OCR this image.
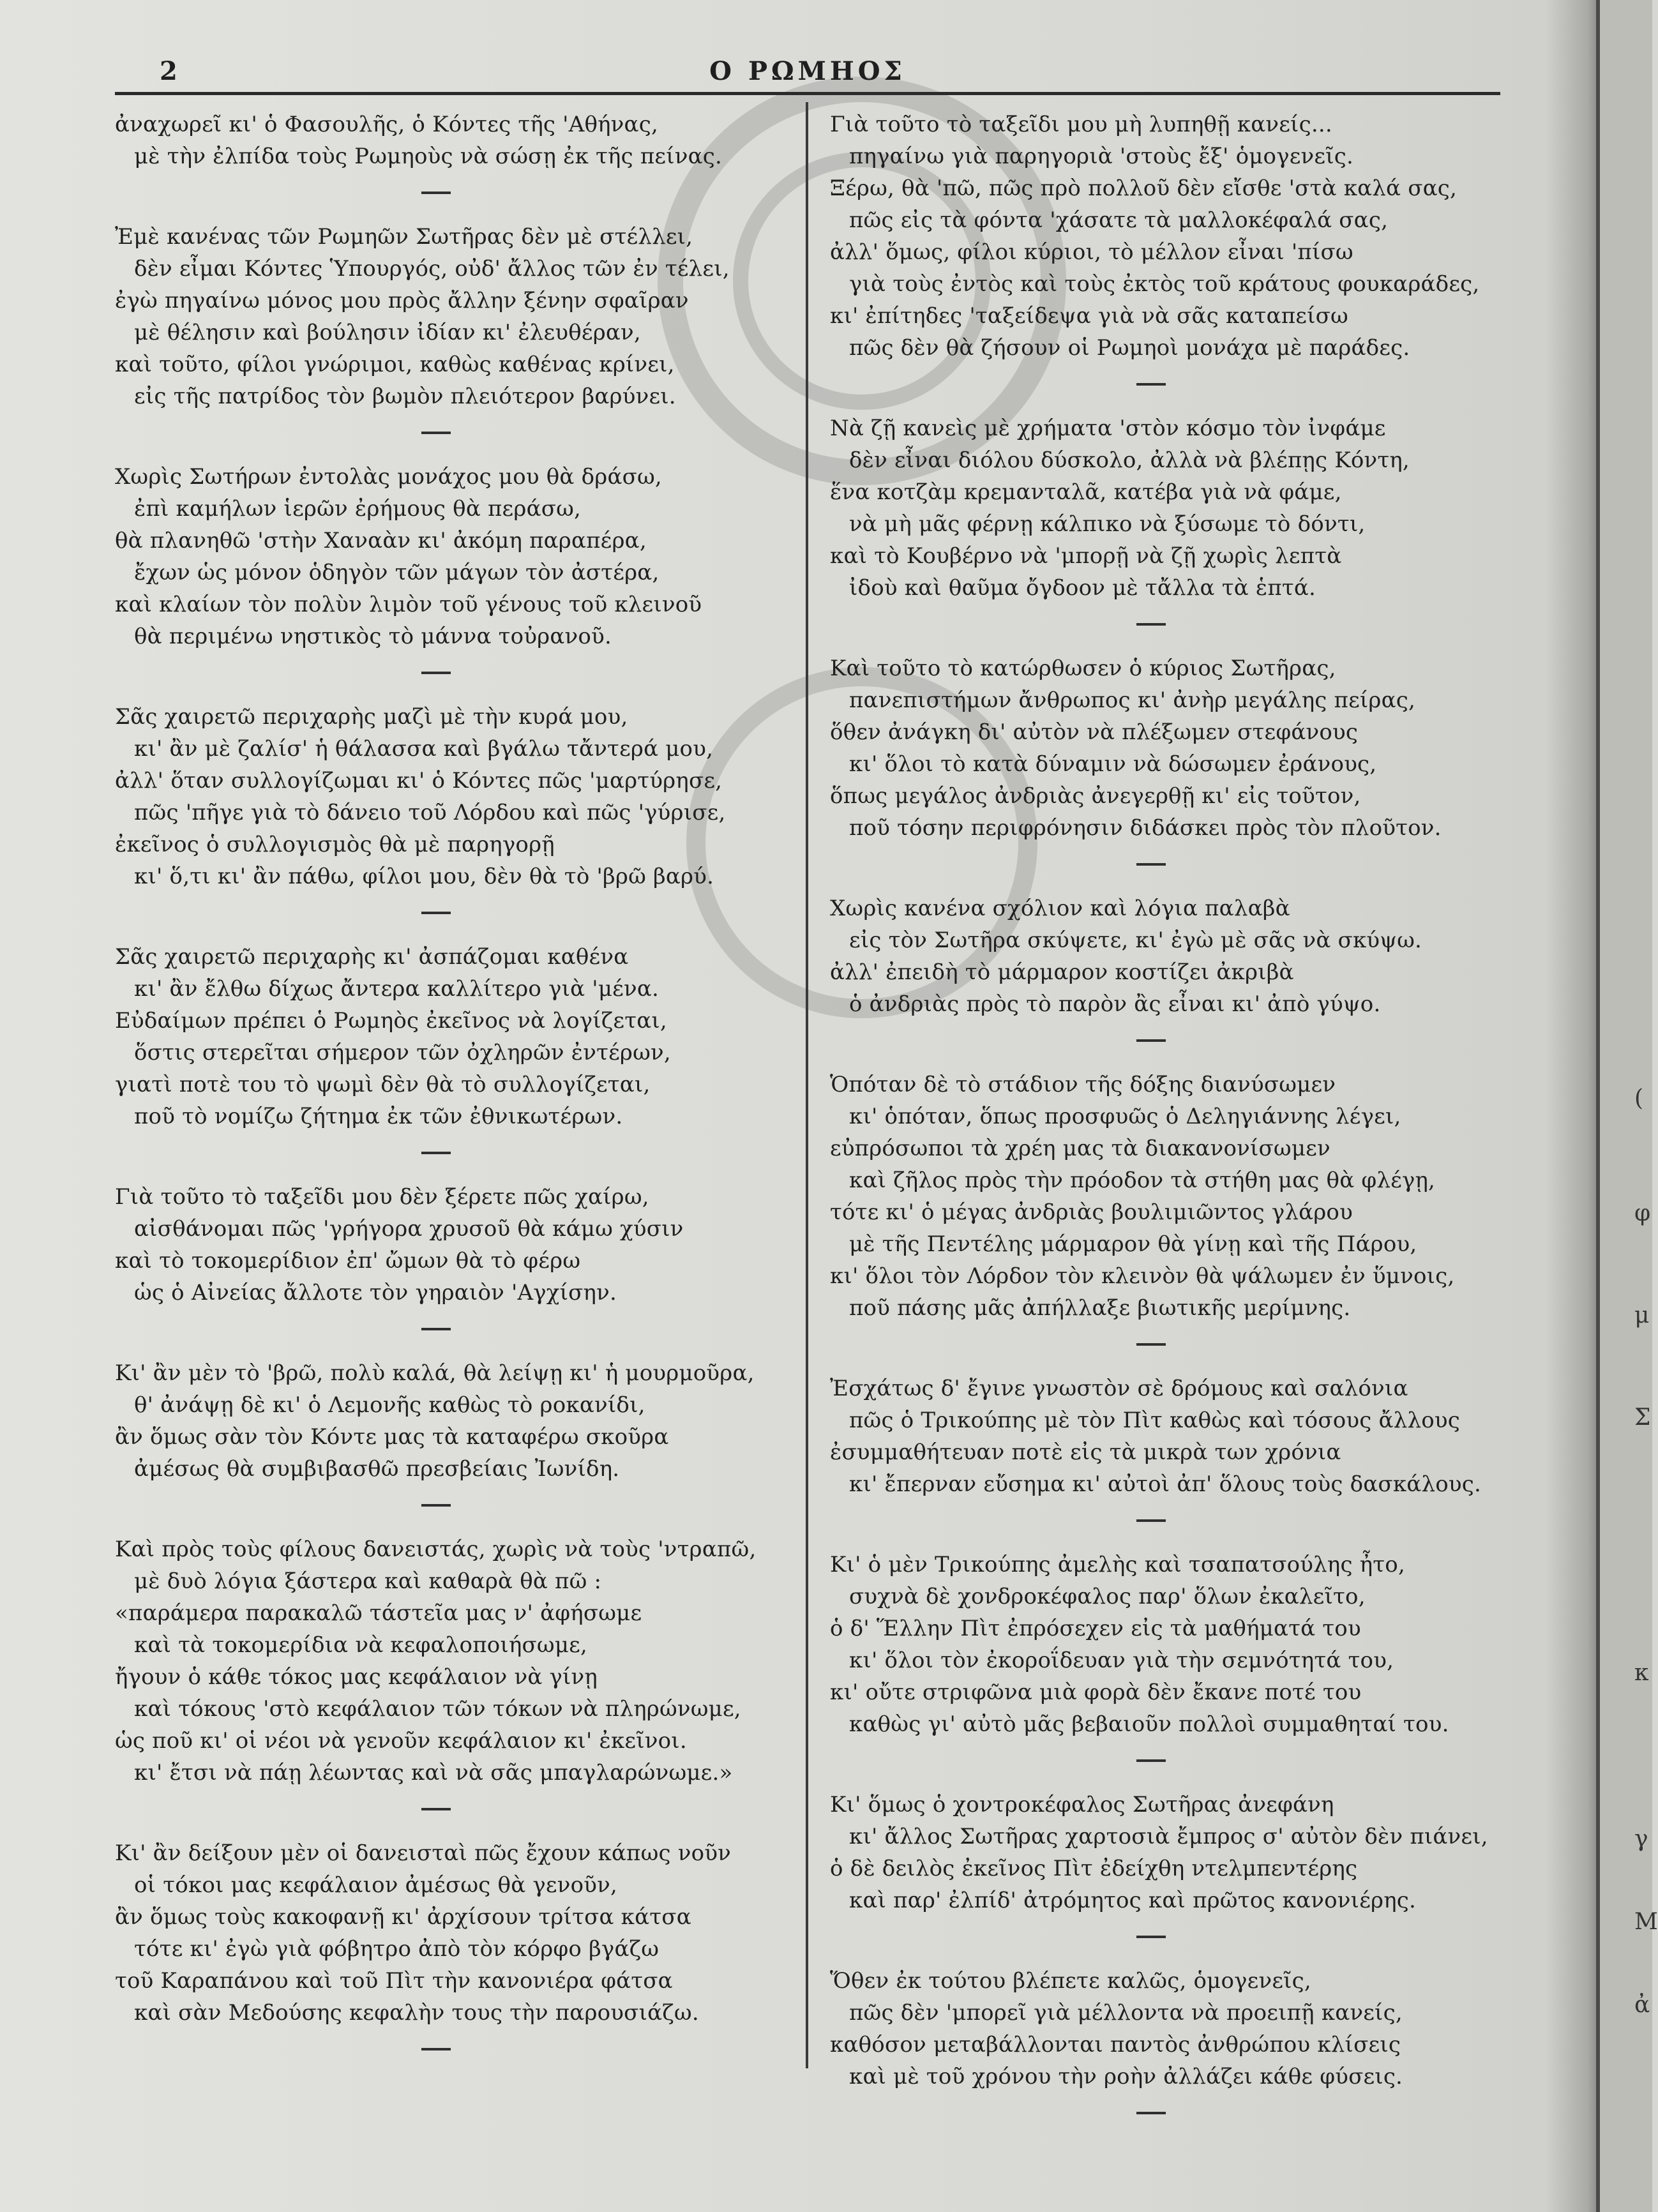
2	Ο ΡΩΜΗΟΣ
ἀναχωρεῖ κι' ὁ Φασουλῆς, ὁ Κόντες τῆς 'Αθήνας,
μὲ τὴν ἐλπίδα τοὺς Ρωμηοὺς νὰ σώσῃ ἐκ τῆς πείνας.
Ἐμὲ κανένας τῶν Ρωμηῶν Σωτῆρας δὲν μὲ στέλλει,
δὲν εἶμαι Κόντες Ὑπουργός, οὐδ' ἄλλος τῶν ἐν τέλει,
ἐγὼ πηγαίνω μόνος μου πρὸς ἄλλην ξένην σφαῖραν
μὲ θέλησιν καὶ βούλησιν ἰδίαν κι' ἐλευθέραν,
καὶ τοῦτο, φίλοι γνώριμοι, καθὼς καθένας κρίνει,
εἰς τῆς πατρίδος τὸν βωμὸν πλειότερον βαρύνει.
Χωρὶς Σωτήρων ἐντολὰς μονάχος μου θὰ δράσω,
ἐπὶ καμήλων ἱερῶν ἐρήμους θὰ περάσω,
θὰ πλανηθῶ 'στὴν Χαναὰν κι' ἀκόμη παραπέρα,
ἔχων ὡς μόνον ὁδηγὸν τῶν μάγων τὸν ἀστέρα,
καὶ κλαίων τὸν πολὺν λιμὸν τοῦ γένους τοῦ κλεινοῦ
θὰ περιμένω νηστικὸς τὸ μάννα τοὐρανοῦ.
Σᾶς χαιρετῶ περιχαρὴς μαζὶ μὲ τὴν κυρά μου,
κι' ἂν μὲ ζαλίσ' ἡ θάλασσα καὶ βγάλω τἄντερά μου,
ἀλλ' ὅταν συλλογίζωμαι κι' ὁ Κόντες πῶς 'μαρτύρησε,
πῶς 'πῆγε γιὰ τὸ δάνειο τοῦ Λόρδου καὶ πῶς 'γύρισε,
ἐκεῖνος ὁ συλλογισμὸς θὰ μὲ παρηγορῇ
κι' ὅ,τι κι' ἂν πάθω, φίλοι μου, δὲν θὰ τὸ 'βρῶ βαρύ.
Σᾶς χαιρετῶ περιχαρὴς κι' ἀσπάζομαι καθένα
κι' ἂν ἔλθω δίχως ἄντερα καλλίτερο γιὰ 'μένα.
Εὐδαίμων πρέπει ὁ Ρωμηὸς ἐκεῖνος νὰ λογίζεται,
ὅστις στερεῖται σήμερον τῶν ὀχληρῶν ἐντέρων,
γιατὶ ποτὲ του τὸ ψωμὶ δὲν θὰ τὸ συλλογίζεται,
ποῦ τὸ νομίζω ζήτημα ἐκ τῶν ἐθνικωτέρων.
Γιὰ τοῦτο τὸ ταξεῖδι μου δὲν ξέρετε πῶς χαίρω,
αἰσθάνομαι πῶς 'γρήγορα χρυσοῦ θὰ κάμω χύσιν
καὶ τὸ τοκομερίδιον ἐπ' ὤμων θὰ τὸ φέρω
ὡς ὁ Αἰνείας ἄλλοτε τὸν γηραιὸν 'Αγχίσην.
Κι' ἂν μὲν τὸ 'βρῶ, πολὺ καλά, θὰ λείψῃ κι' ἡ μουρμοῦρα,
θ' ἀνάψῃ δὲ κι' ὁ Λεμονῆς καθὼς τὸ ροκανίδι,
ἂν ὅμως σὰν τὸν Κόντε μας τὰ καταφέρω σκοῦρα
ἀμέσως θὰ συμβιβασθῶ πρεσβείαις Ἰωνίδη.
Καὶ πρὸς τοὺς φίλους δανειστάς, χωρὶς νὰ τοὺς 'ντραπῶ,
μὲ δυὸ λόγια ξάστερα καὶ καθαρὰ θὰ πῶ :
«παράμερα παρακαλῶ τάστεῖα μας ν' ἀφήσωμε
καὶ τὰ τοκομερίδια νὰ κεφαλοποιήσωμε,
ἤγουν ὁ κάθε τόκος μας κεφάλαιον νὰ γίνῃ
καὶ τόκους 'στὸ κεφάλαιον τῶν τόκων νὰ πληρώνωμε,
ὡς ποῦ κι' οἱ νέοι νὰ γενοῦν κεφάλαιον κι' ἐκεῖνοι.
κι' ἔτσι νὰ πάῃ λέωντας καὶ νὰ σᾶς μπαγλαρώνωμε.»
Κι' ἂν δείξουν μὲν οἱ δανεισταὶ πῶς ἔχουν κάπως νοῦν
οἱ τόκοι μας κεφάλαιον ἀμέσως θὰ γενοῦν,
ἂν ὅμως τοὺς κακοφανῇ κι' ἀρχίσουν τρίτσα κάτσα
τότε κι' ἐγὼ γιὰ φόβητρο ἀπὸ τὸν κόρφο βγάζω
τοῦ Καραπάνου καὶ τοῦ Πὶτ τὴν κανονιέρα φάτσα
καὶ σὰν Μεδούσης κεφαλὴν τους τὴν παρουσιάζω.
Γιὰ τοῦτο τὸ ταξεῖδι μου μὴ λυπηθῇ κανείς...
πηγαίνω γιὰ παρηγοριὰ 'στοὺς ἔξ' ὁμογενεῖς.
Ξέρω, θὰ 'πῶ, πῶς πρὸ πολλοῦ δὲν εἴσθε 'στὰ καλά σας,
πῶς εἰς τὰ φόντα 'χάσατε τὰ μαλλοκέφαλά σας,
ἀλλ' ὅμως, φίλοι κύριοι, τὸ μέλλον εἶναι 'πίσω
γιὰ τοὺς ἐντὸς καὶ τοὺς ἐκτὸς τοῦ κράτους φουκαράδες,
κι' ἐπίτηδες 'ταξείδεψα γιὰ νὰ σᾶς καταπείσω
πῶς δὲν θὰ ζήσουν οἱ Ρωμηοὶ μονάχα μὲ παράδες.
Νὰ ζῇ κανεὶς μὲ χρήματα 'στὸν κόσμο τὸν ἰνφάμε
δὲν εἶναι διόλου δύσκολο, ἀλλὰ νὰ βλέπῃς Κόντη,
ἕνα κοτζὰμ κρεμανταλᾶ, κατέβα γιὰ νὰ φάμε,
νὰ μὴ μᾶς φέρνῃ κάλπικο νὰ ξύσωμε τὸ δόντι,
καὶ τὸ Κουβέρνο νὰ 'μπορῇ νὰ ζῇ χωρὶς λεπτὰ
ἰδοὺ καὶ θαῦμα ὄγδοον μὲ τἄλλα τὰ ἑπτά.
Καὶ τοῦτο τὸ κατώρθωσεν ὁ κύριος Σωτῆρας,
πανεπιστήμων ἄνθρωπος κι' ἀνὴρ μεγάλης πείρας,
ὅθεν ἀνάγκη δι' αὐτὸν νὰ πλέξωμεν στεφάνους
κι' ὅλοι τὸ κατὰ δύναμιν νὰ δώσωμεν ἐράνους,
ὅπως μεγάλος ἀνδριὰς ἀνεγερθῇ κι' εἰς τοῦτον,
ποῦ τόσην περιφρόνησιν διδάσκει πρὸς τὸν πλοῦτον.
Χωρὶς κανένα σχόλιον καὶ λόγια παλαβὰ
εἰς τὸν Σωτῆρα σκύψετε, κι' ἐγὼ μὲ σᾶς νὰ σκύψω.
ἀλλ' ἐπειδὴ τὸ μάρμαρον κοστίζει ἀκριβὰ
ὁ ἀνδριὰς πρὸς τὸ παρὸν ἂς εἶναι κι' ἀπὸ γύψο.
Ὁπόταν δὲ τὸ στάδιον τῆς δόξης διανύσωμεν
κι' ὁπόταν, ὅπως προσφυῶς ὁ Δεληγιάννης λέγει,
εὐπρόσωποι τὰ χρέη μας τὰ διακανονίσωμεν
καὶ ζῆλος πρὸς τὴν πρόοδον τὰ στήθη μας θὰ φλέγῃ,
τότε κι' ὁ μέγας ἀνδριὰς βουλιμιῶντος γλάρου
μὲ τῆς Πεντέλης μάρμαρον θὰ γίνῃ καὶ τῆς Πάρου,
κι' ὅλοι τὸν Λόρδον τὸν κλεινὸν θὰ ψάλωμεν ἐν ὕμνοις,
ποῦ πάσης μᾶς ἀπήλλαξε βιωτικῆς μερίμνης.
Ἐσχάτως δ' ἔγινε γνωστὸν σὲ δρόμους καὶ σαλόνια
πῶς ὁ Τρικούπης μὲ τὸν Πὶτ καθὼς καὶ τόσους ἄλλους
ἐσυμμαθήτευαν ποτὲ εἰς τὰ μικρὰ των χρόνια
κι' ἔπερναν εὔσημα κι' αὐτοὶ ἀπ' ὅλους τοὺς δασκάλους.
Κι' ὁ μὲν Τρικούπης ἀμελὴς καὶ τσαπατσούλης ἦτο,
συχνὰ δὲ χονδροκέφαλος παρ' ὅλων ἐκαλεῖτο,
ὁ δ' Ἕλλην Πὶτ ἐπρόσεχεν εἰς τὰ μαθήματά του
κι' ὅλοι τὸν ἐκοροΐδευαν γιὰ τὴν σεμνότητά του,
κι' οὔτε στριφῶνα μιὰ φορὰ δὲν ἔκανε ποτέ του
καθὼς γι' αὐτὸ μᾶς βεβαιοῦν πολλοὶ συμμαθηταί του.
Κι' ὅμως ὁ χοντροκέφαλος Σωτῆρας ἀνεφάνη
κι' ἄλλος Σωτῆρας χαρτοσιὰ ἔμπρος σ' αὐτὸν δὲν πιάνει,
ὁ δὲ δειλὸς ἐκεῖνος Πὶτ ἐδείχθη ντελμπεντέρης
καὶ παρ' ἐλπίδ' ἀτρόμητος καὶ πρῶτος κανονιέρης.
Ὅθεν ἐκ τούτου βλέπετε καλῶς, ὁμογενεῖς,
πῶς δὲν 'μπορεῖ γιὰ μέλλοντα νὰ προειπῇ κανείς,
καθόσον μεταβάλλονται παντὸς ἀνθρώπου κλίσεις
καὶ μὲ τοῦ χρόνου τὴν ροὴν ἀλλάζει κάθε φύσεις.
(
φ
μ
Σ
κ
γ
Μ
ἀ
